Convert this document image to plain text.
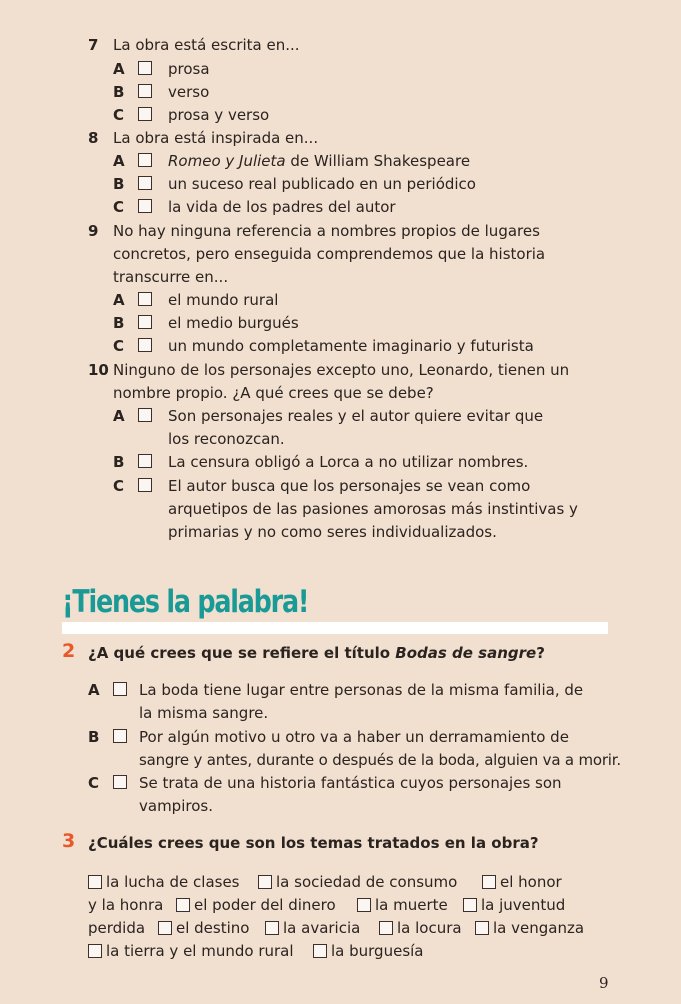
7 La obra está escrita en...
A	prosa
B	verso
C	prosa y verso
8 La obra está inspirada en...
A	Romeo y Julieta de William Shakespeare
B	un suceso real publicado en un periódico
C	la vida de los padres del autor
9 No hay ninguna referencia a nombres propios de lugares
concretos, pero enseguida comprendemos que la historia
transcurre en...
A	el mundo rural
B	el medio burgués
C	un mundo completamente imaginario y futurista
10 Ninguno de los personajes excepto uno, Leonardo, tienen un
nombre propio. ¿A qué crees que se debe?
A	Son personajes reales y el autor quiere evitar que
los reconozcan.
B	La censura obligó a Lorca a no utilizar nombres.
C	El autor busca que los personajes se vean como
arquetipos de las pasiones amorosas más instintivas y
primarias y no como seres individualizados.
¡Tienes la palabra!
2 ¿A qué crees que se refiere el título Bodas de sangre?
A	La boda tiene lugar entre personas de la misma familia, de
la misma sangre.
B	Por algún motivo u otro va a haber un derramamiento de
sangre y antes, durante o después de la boda, alguien va a morir.
C	Se trata de una historia fantástica cuyos personajes son
vampiros.
3 ¿Cuáles crees que son los temas tratados en la obra?
la lucha de clases	la sociedad de consumo	el honor
y la honra	el poder del dinero	la muerte	la juventud
perdida	el destino	la avaricia	la locura	la venganza
la tierra y el mundo rural	la burguesía
9
